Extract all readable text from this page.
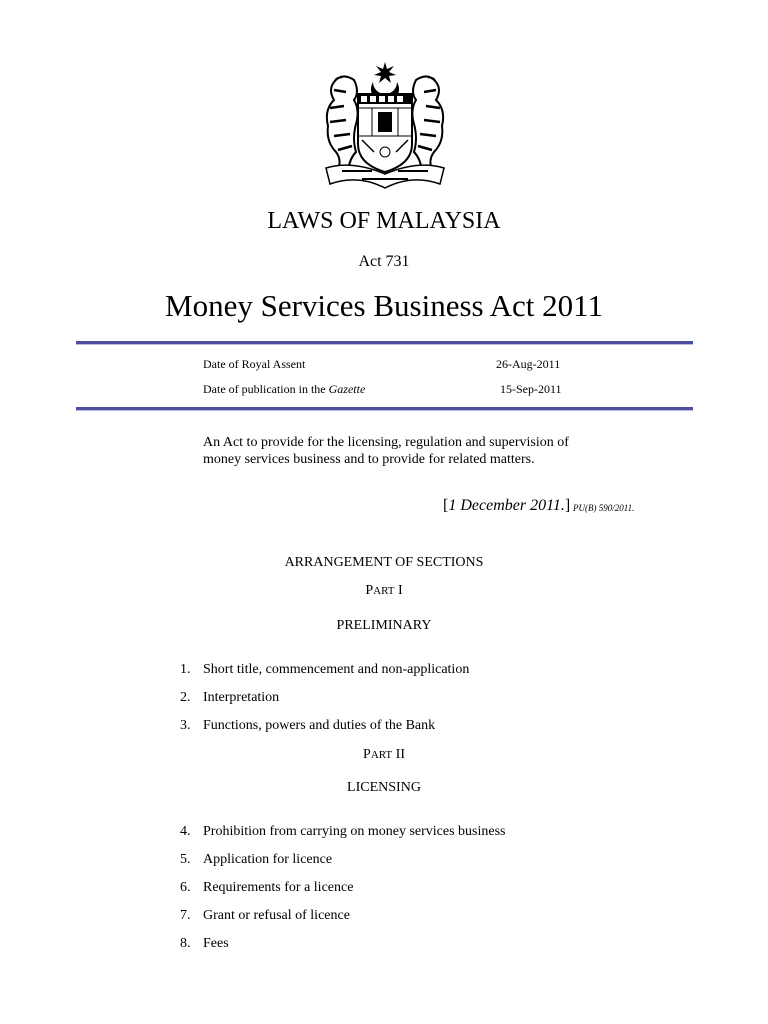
LAWS OF MALAYSIA
Act 731
Money Services Business Act 2011
Date of Royal Assent	26-Aug-2011
Date of publication in the Gazette	15-Sep-2011
An Act to provide for the licensing, regulation and supervision of money services business and to provide for related matters.
[1 December 2011.] PU(B) 590/2011.
ARRANGEMENT OF SECTIONS
PART I
PRELIMINARY
1. Short title, commencement and non-application
2. Interpretation
3. Functions, powers and duties of the Bank
PART II
LICENSING
4. Prohibition from carrying on money services business
5. Application for licence
6. Requirements for a licence
7. Grant or refusal of licence
8. Fees
